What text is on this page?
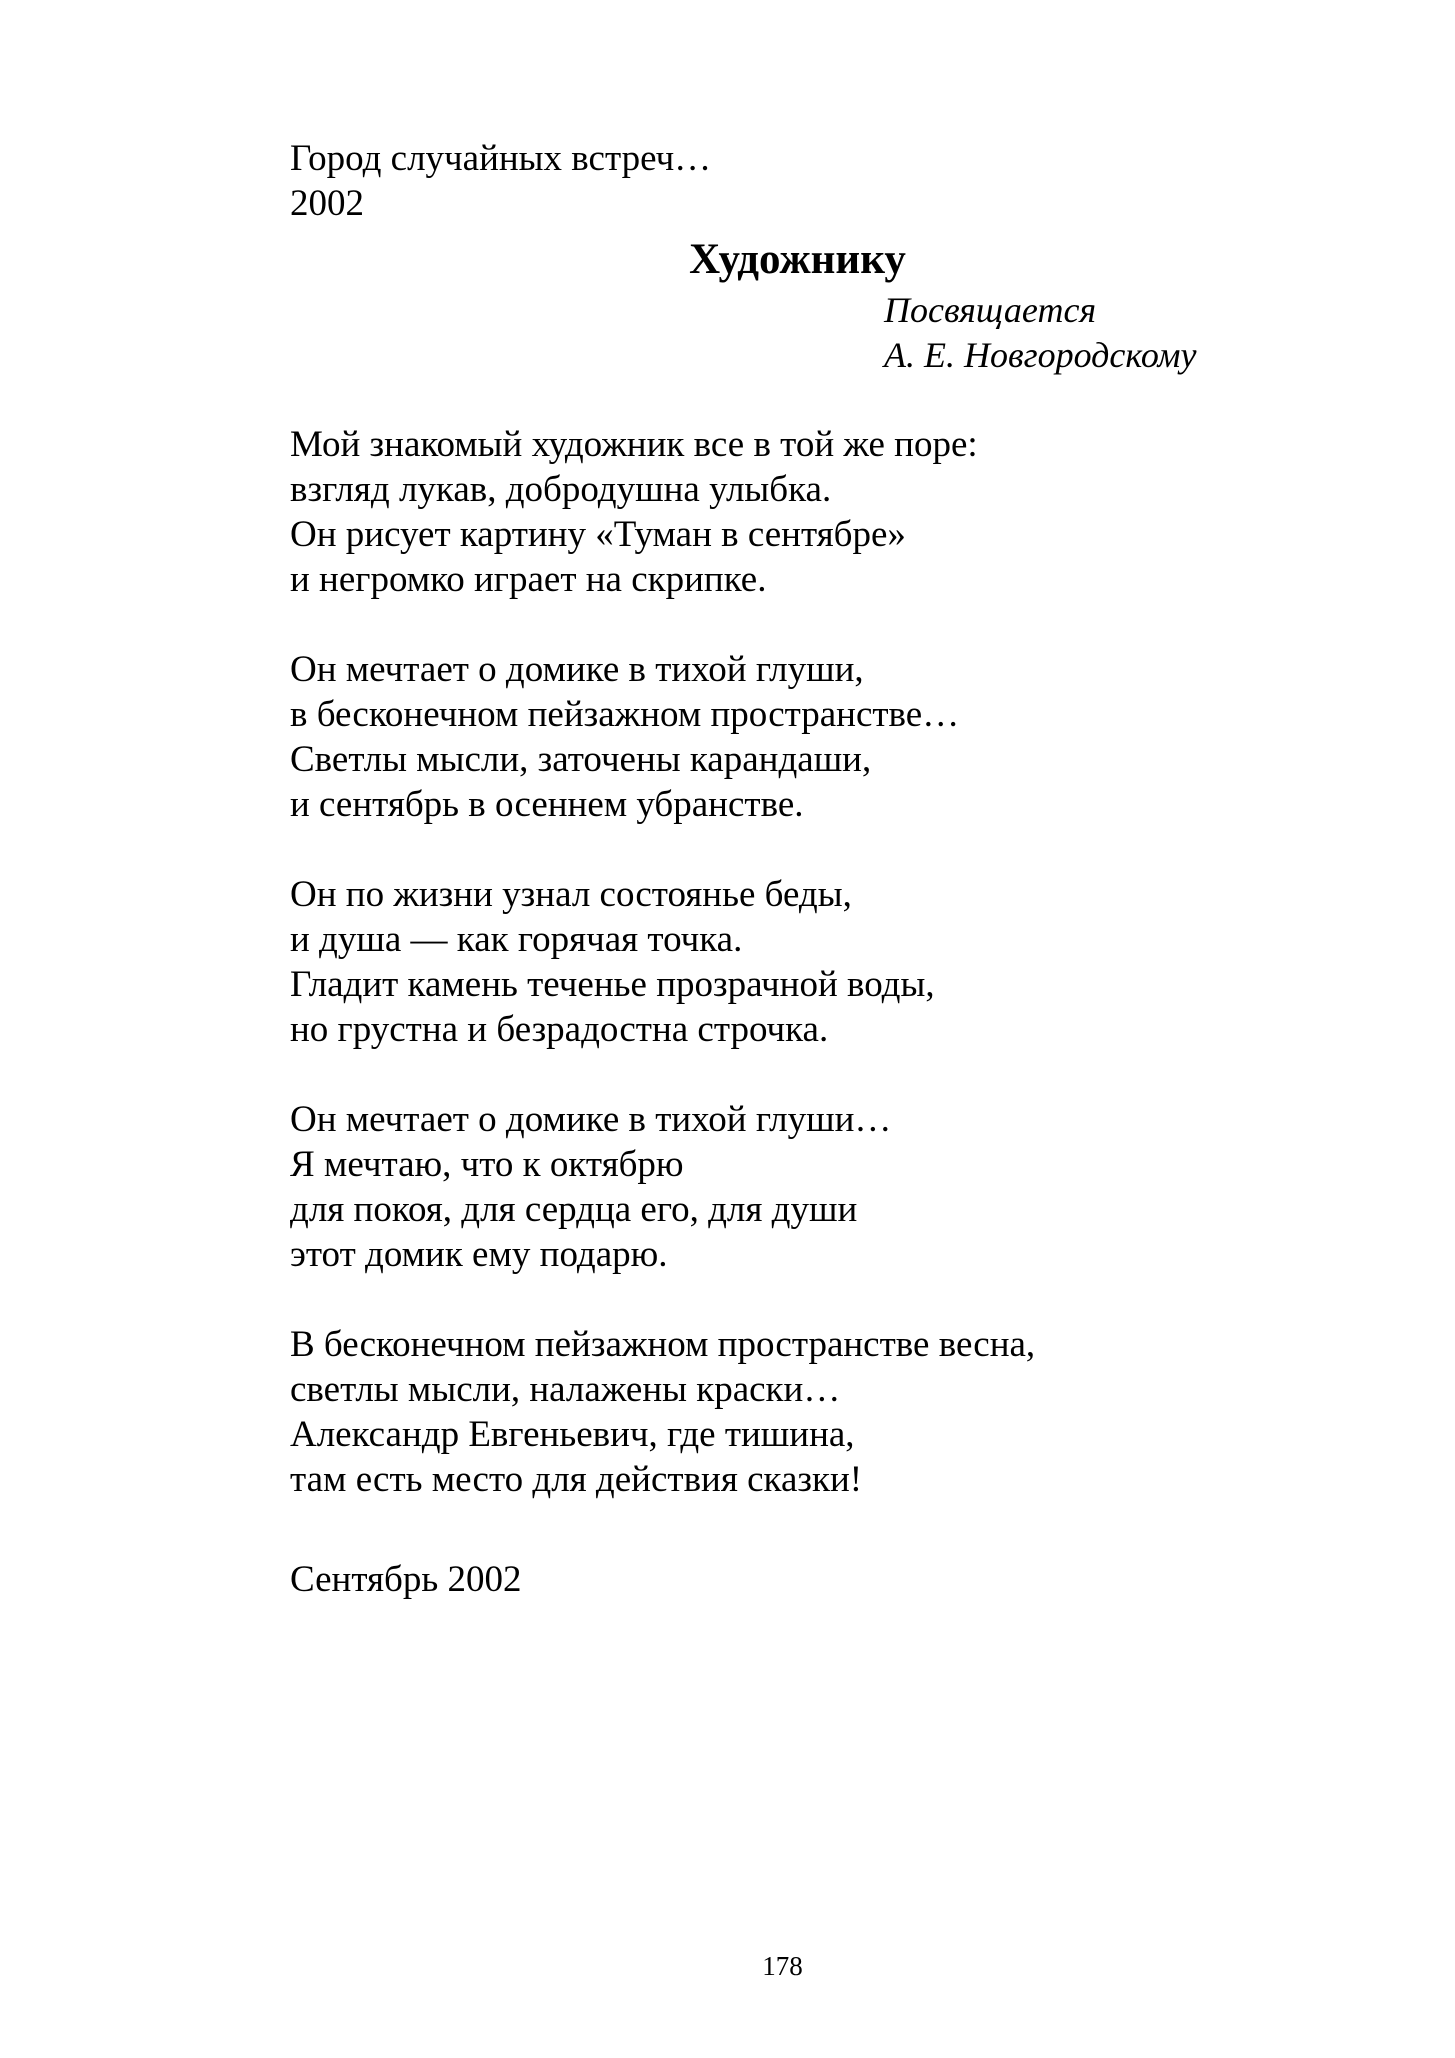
Город случайных встреч…
2002
Художнику
Посвящается
А. Е. Новгородскому
Мой знакомый художник все в той же поре:
взгляд лукав, добродушна улыбка.
Он рисует картину «Туман в сентябре»
и негромко играет на скрипке.
Он мечтает о домике в тихой глуши,
в бесконечном пейзажном пространстве…
Светлы мысли, заточены карандаши,
и сентябрь в осеннем убранстве.
Он по жизни узнал состоянье беды,
и душа — как горячая точка.
Гладит камень теченье прозрачной воды,
но грустна и безрадостна строчка.
Он мечтает о домике в тихой глуши…
Я мечтаю, что к октябрю
для покоя, для сердца его, для души
этот домик ему подарю.
В бесконечном пейзажном пространстве весна,
светлы мысли, налажены краски…
Александр Евгеньевич, где тишина,
там есть место для действия сказки!
Сентябрь 2002
178
